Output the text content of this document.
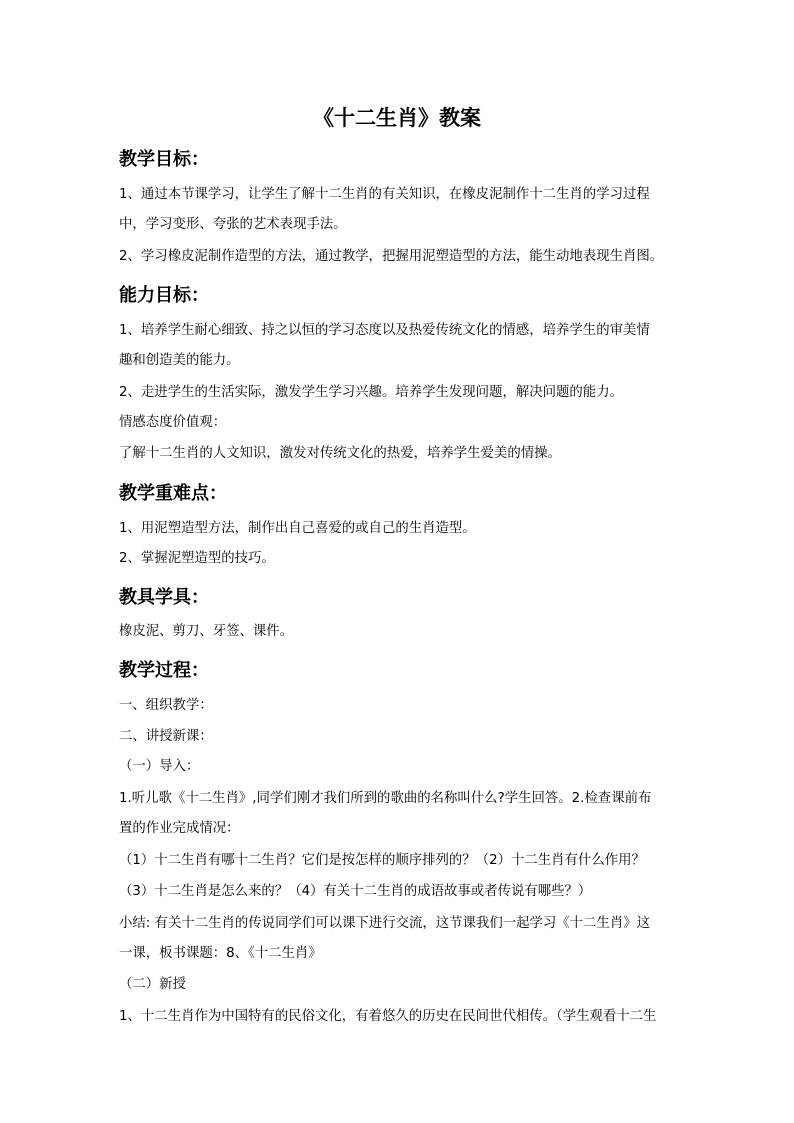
《十二生肖》教案
教学目标：
1、通过本节课学习，让学生了解十二生肖的有关知识，在橡皮泥制作十二生肖的学习过程
中，学习变形、夸张的艺术表现手法。
2、学习橡皮泥制作造型的方法，通过教学，把握用泥塑造型的方法，能生动地表现生肖图。
能力目标：
1、培养学生耐心细致、持之以恒的学习态度以及热爱传统文化的情感，培养学生的审美情
趣和创造美的能力。
2、走进学生的生活实际，激发学生学习兴趣。培养学生发现问题，解决问题的能力。
情感态度价值观：
了解十二生肖的人文知识，激发对传统文化的热爱，培养学生爱美的情操。
教学重难点：
1、用泥塑造型方法，制作出自己喜爱的或自己的生肖造型。
2、掌握泥塑造型的技巧。
教具学具：
橡皮泥、剪刀、牙签、课件。
教学过程：
一、组织教学：
二、讲授新课：
（一）导入：
1.听儿歌《十二生肖》,同学们刚才我们所到的歌曲的名称叫什么?学生回答。2.检查课前布
置的作业完成情况：
（1）十二生肖有哪十二生肖？它们是按怎样的顺序排列的？（2）十二生肖有什么作用？
（3）十二生肖是怎么来的？（4）有关十二生肖的成语故事或者传说有哪些？）
小结: 有关十二生肖的传说同学们可以课下进行交流，这节课我们一起学习《十二生肖》这
一课，板书课题：8、《十二生肖》
（二）新授
1、十二生肖作为中国特有的民俗文化，有着悠久的历史在民间世代相传。（学生观看十二生
